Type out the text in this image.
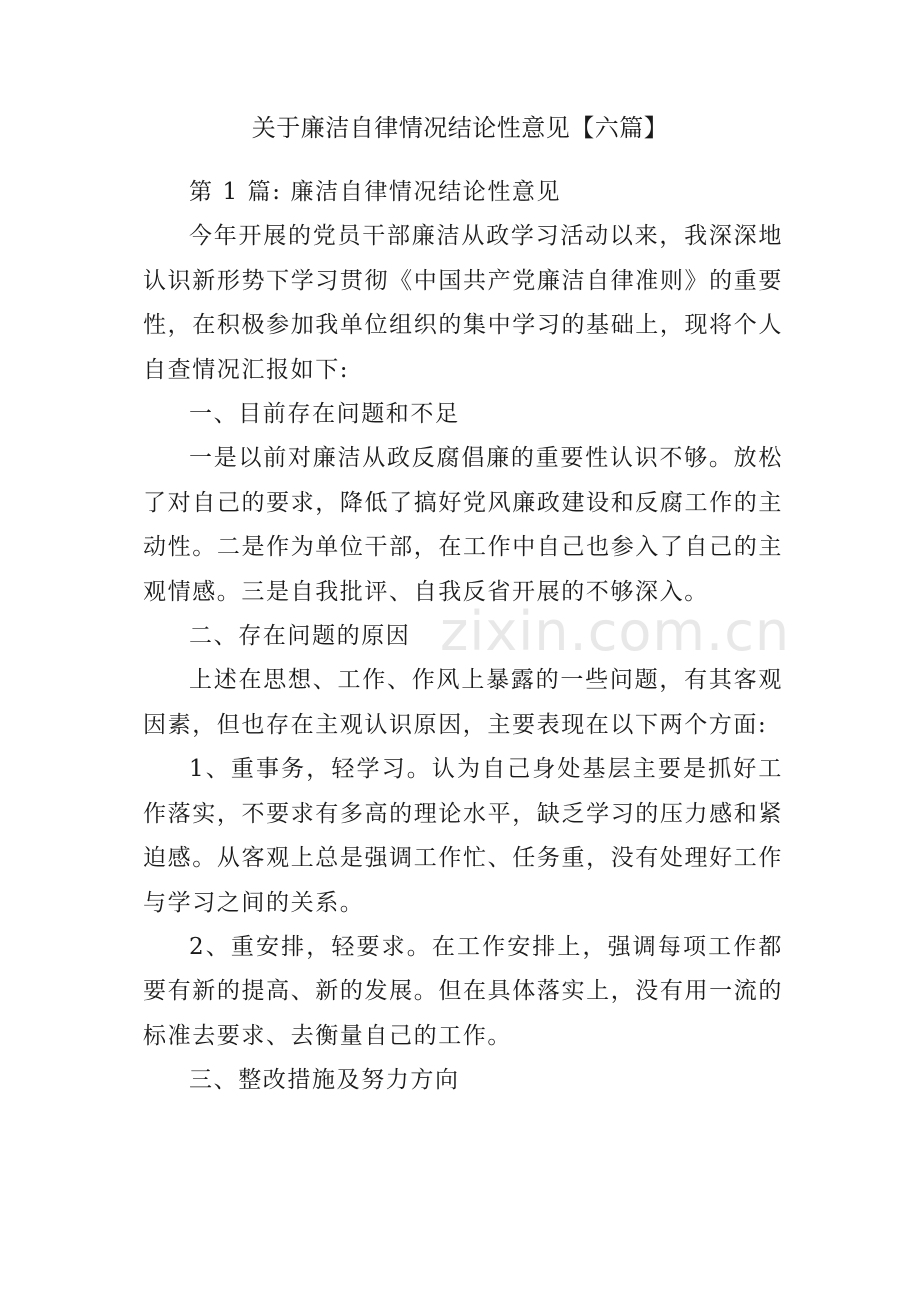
关于廉洁自律情况结论性意见【六篇】

第 1 篇: 廉洁自律情况结论性意见

今年开展的党员干部廉洁从政学习活动以来，我深深地认识新形势下学习贯彻《中国共产党廉洁自律准则》的重要性，在积极参加我单位组织的集中学习的基础上，现将个人自查情况汇报如下:

一、目前存在问题和不足

一是以前对廉洁从政反腐倡廉的重要性认识不够。放松了对自己的要求，降低了搞好党风廉政建设和反腐工作的主动性。二是作为单位干部，在工作中自己也参入了自己的主观情感。三是自我批评、自我反省开展的不够深入。

二、存在问题的原因

上述在思想、工作、作风上暴露的一些问题，有其客观因素，但也存在主观认识原因，主要表现在以下两个方面:

1、重事务，轻学习。认为自己身处基层主要是抓好工作落实，不要求有多高的理论水平，缺乏学习的压力感和紧迫感。从客观上总是强调工作忙、任务重，没有处理好工作与学习之间的关系。

2、重安排，轻要求。在工作安排上，强调每项工作都要有新的提高、新的发展。但在具体落实上，没有用一流的标准去要求、去衡量自己的工作。

三、整改措施及努力方向

zixin.com.cn
